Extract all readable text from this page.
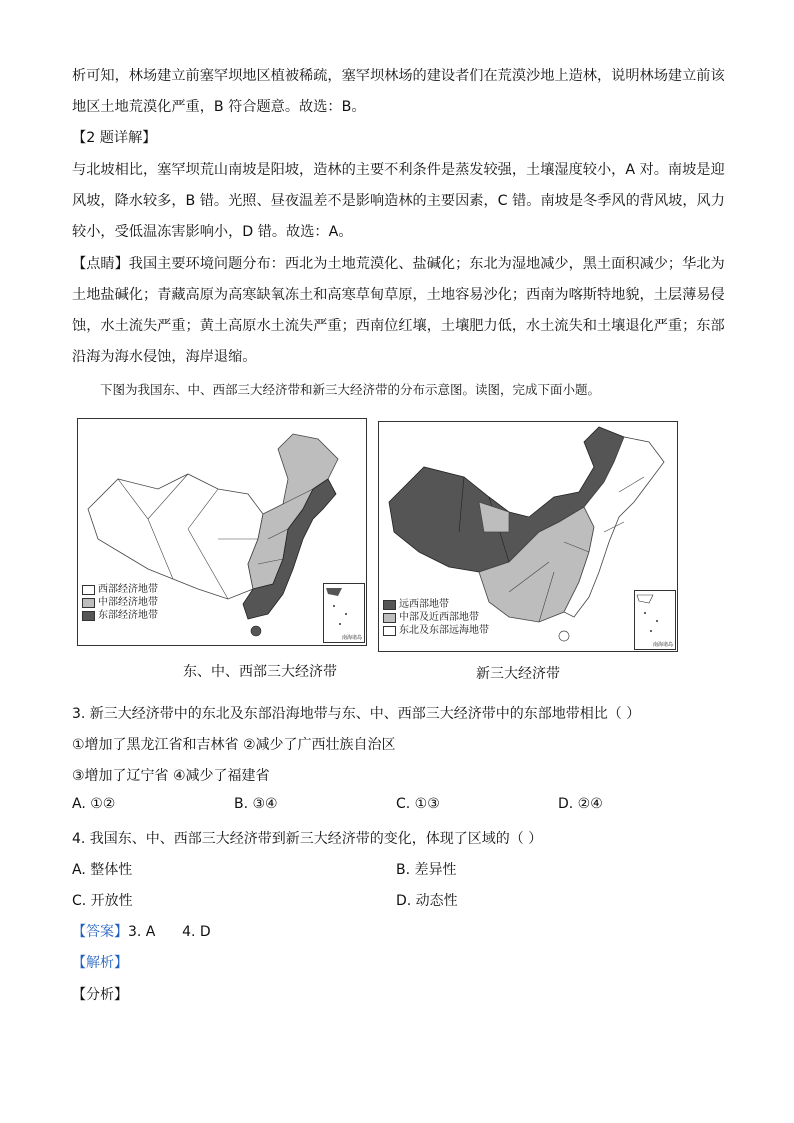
析可知，林场建立前塞罕坝地区植被稀疏，塞罕坝林场的建设者们在荒漠沙地上造林，说明林场建立前该
地区土地荒漠化严重，B 符合题意。故选：B。
【2 题详解】
与北坡相比，塞罕坝荒山南坡是阳坡，造林的主要不利条件是蒸发较强，土壤湿度较小，A 对。南坡是迎
风坡，降水较多，B 错。光照、昼夜温差不是影响造林的主要因素，C 错。南坡是冬季风的背风坡，风力
较小，受低温冻害影响小，D 错。故选：A。
【点睛】我国主要环境问题分布：西北为土地荒漠化、盐碱化；东北为湿地减少，黑土面积减少；华北为
土地盐碱化；青藏高原为高寒缺氧冻土和高寒草甸草原，土地容易沙化；西南为喀斯特地貌，土层薄易侵
蚀，水土流失严重；黄土高原水土流失严重；西南位红壤，土壤肥力低，水土流失和土壤退化严重；东部
沿海为海水侵蚀，海岸退缩。
下图为我国东、中、西部三大经济带和新三大经济带的分布示意图。读图，完成下面小题。
西部经济地带
中部经济地带
东部经济地带
南海诸岛
东、中、西部三大经济带
远西部地带
中部及近西部地带
东北及东部远海地带
南海诸岛
新三大经济带
3. 新三大经济带中的东北及东部沿海地带与东、中、西部三大经济带中的东部地带相比（ ）
①增加了黑龙江省和吉林省 ②减少了广西壮族自治区
③增加了辽宁省 ④减少了福建省
A. ①②	B. ③④	C. ①③	D. ②④
4. 我国东、中、西部三大经济带到新三大经济带的变化，体现了区域的（ ）
A. 整体性	B. 差异性
C. 开放性	D. 动态性
【答案】3. A      4. D
【解析】
【分析】
